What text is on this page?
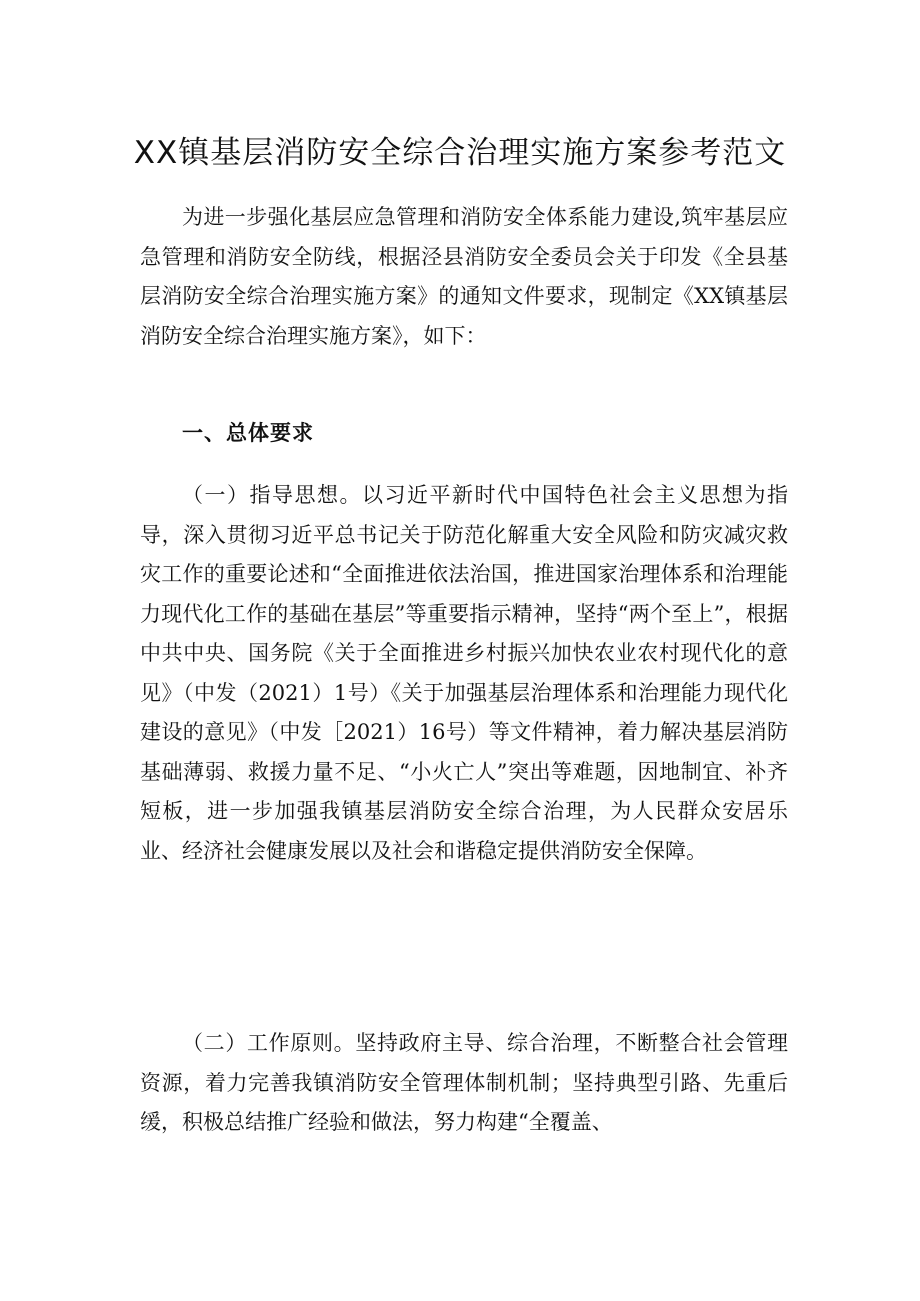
XX镇基层消防安全综合治理实施方案参考范文

为进一步强化基层应急管理和消防安全体系能力建设,筑牢基层应急管理和消防安全防线，根据泾县消防安全委员会关于印发《全县基层消防安全综合治理实施方案》的通知文件要求，现制定《XX镇基层消防安全综合治理实施方案》，如下：

一、总体要求

（一）指导思想。以习近平新时代中国特色社会主义思想为指导，深入贯彻习近平总书记关于防范化解重大安全风险和防灾减灾救灾工作的重要论述和“全面推进依法治国，推进国家治理体系和治理能力现代化工作的基础在基层”等重要指示精神，坚持“两个至上”，根据中共中央、国务院《关于全面推进乡村振兴加快农业农村现代化的意见》（中发（2021）1号）《关于加强基层治理体系和治理能力现代化建设的意见》（中发［2021）16号）等文件精神，着力解决基层消防基础薄弱、救援力量不足、“小火亡人”突出等难题，因地制宜、补齐短板，进一步加强我镇基层消防安全综合治理，为人民群众安居乐业、经济社会健康发展以及社会和谐稳定提供消防安全保障。

（二）工作原则。坚持政府主导、综合治理，不断整合社会管理资源，着力完善我镇消防安全管理体制机制；坚持典型引路、先重后缓，积极总结推广经验和做法，努力构建“全覆盖、
